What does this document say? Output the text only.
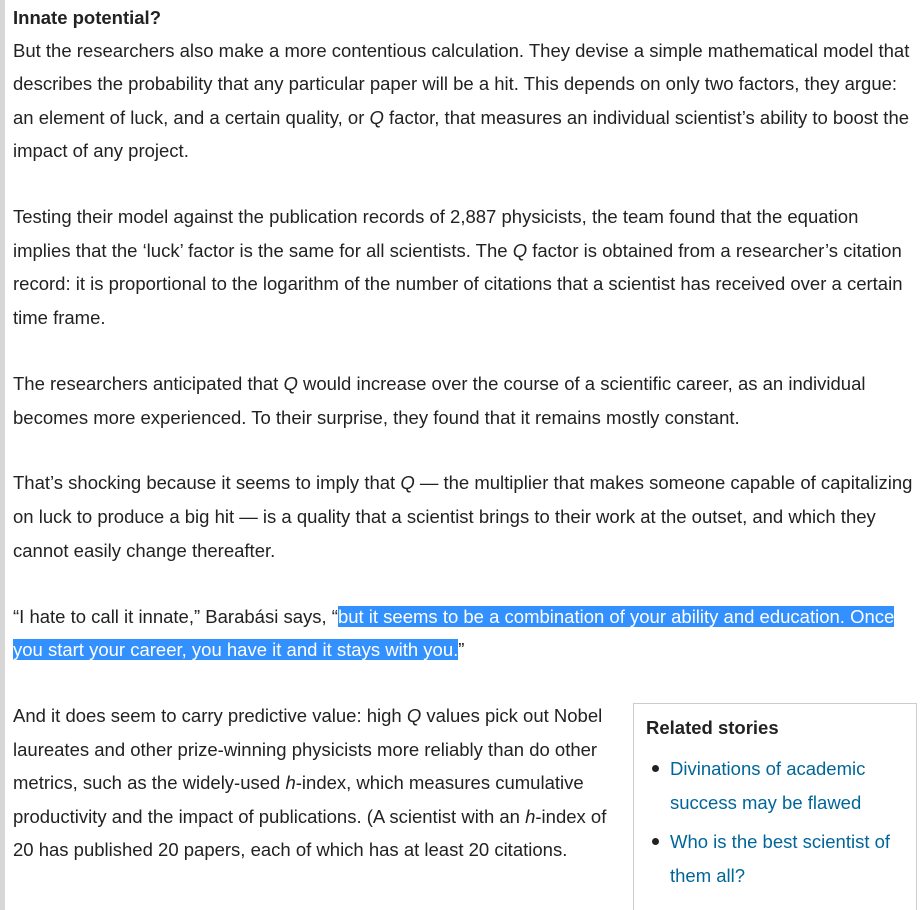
Innate potential?

But the researchers also make a more contentious calculation. They devise a simple mathematical model that describes the probability that any particular paper will be a hit. This depends on only two factors, they argue: an element of luck, and a certain quality, or Q factor, that measures an individual scientist’s ability to boost the impact of any project.

Testing their model against the publication records of 2,887 physicists, the team found that the equation implies that the ‘luck’ factor is the same for all scientists. The Q factor is obtained from a researcher’s citation record: it is proportional to the logarithm of the number of citations that a scientist has received over a certain time frame.

The researchers anticipated that Q would increase over the course of a scientific career, as an individual becomes more experienced. To their surprise, they found that it remains mostly constant.

That’s shocking because it seems to imply that Q — the multiplier that makes someone capable of capitalizing on luck to produce a big hit — is a quality that a scientist brings to their work at the outset, and which they cannot easily change thereafter.

“I hate to call it innate,” Barabási says, “but it seems to be a combination of your ability and education. Once you start your career, you have it and it stays with you.”

And it does seem to carry predictive value: high Q values pick out Nobel laureates and other prize-winning physicists more reliably than do other metrics, such as the widely-used h-index, which measures cumulative productivity and the impact of publications. (A scientist with an h-index of 20 has published 20 papers, each of which has at least 20 citations.

Related stories
Divinations of academic success may be flawed
Who is the best scientist of them all?
